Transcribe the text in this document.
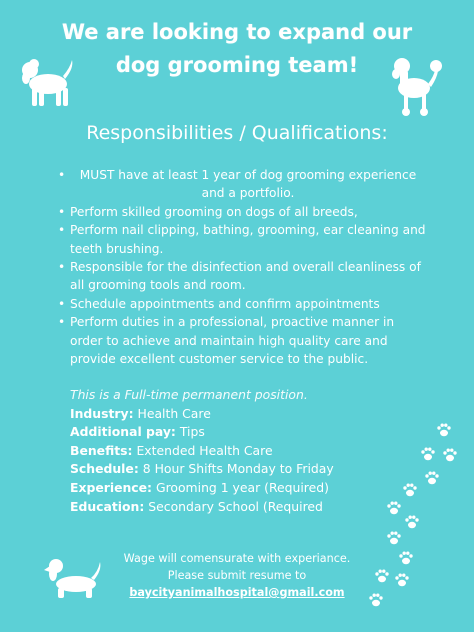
We are looking to expand our
dog grooming team!
Responsibilities / Qualifications:
• MUST have at least 1 year of dog grooming experience and a portfolio.
• Perform skilled grooming on dogs of all breeds,
• Perform nail clipping, bathing, grooming, ear cleaning and teeth brushing.
• Responsible for the disinfection and overall cleanliness of all grooming tools and room.
• Schedule appointments and confirm appointments
• Perform duties in a professional, proactive manner in order to achieve and maintain high quality care and provide excellent customer service to the public.
This is a Full-time permanent position.
Industry: Health Care
Additional pay: Tips
Benefits: Extended Health Care
Schedule: 8 Hour Shifts Monday to Friday
Experience: Grooming 1 year (Required)
Education: Secondary School (Required
Wage will comensurate with experiance.
Please submit resume to
baycityanimalhospital@gmail.com
